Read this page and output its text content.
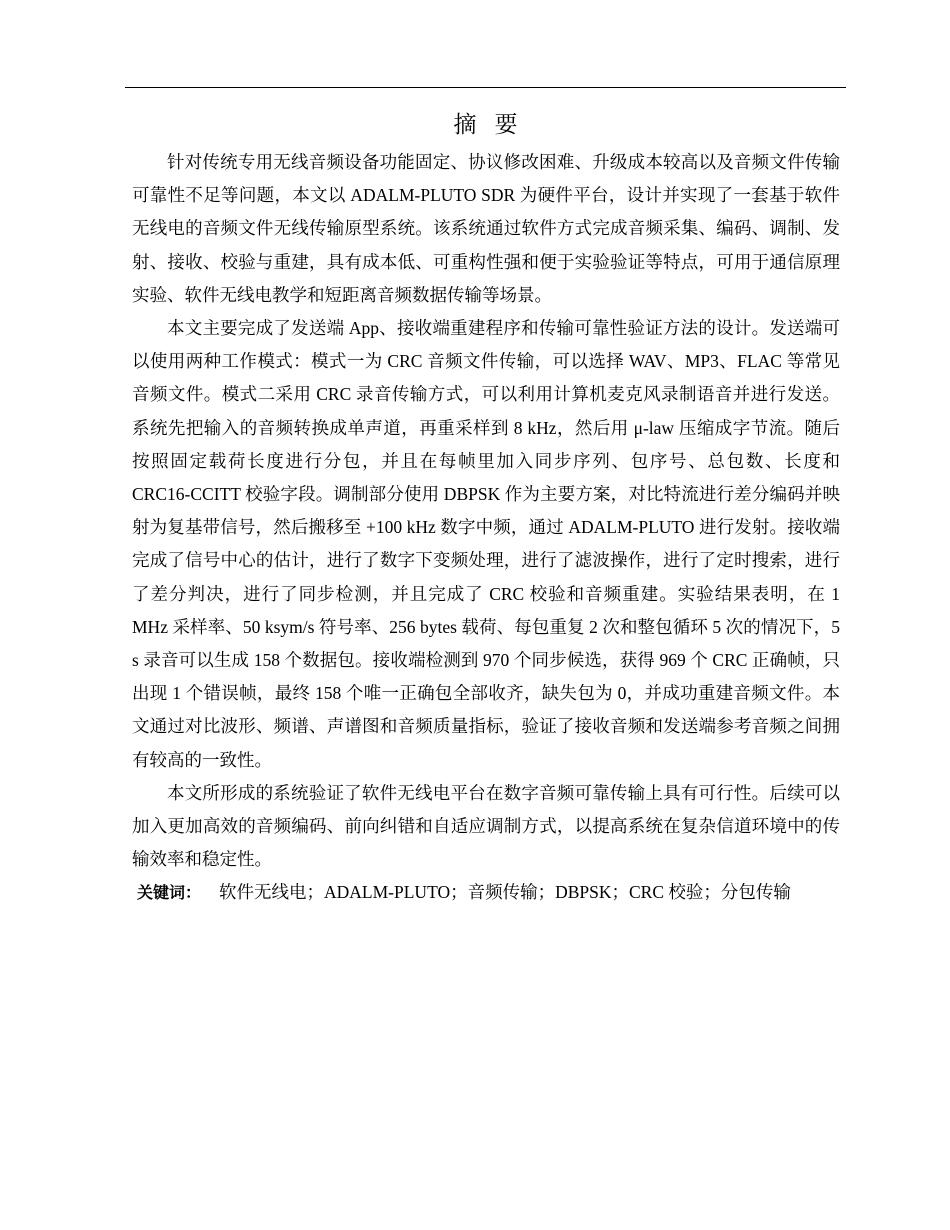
摘要

针对传统专用无线音频设备功能固定、协议修改困难、升级成本较高以及音频文件传输可靠性不足等问题，本文以 ADALM-PLUTO SDR 为硬件平台，设计并实现了一套基于软件无线电的音频文件无线传输原型系统。该系统通过软件方式完成音频采集、编码、调制、发射、接收、校验与重建，具有成本低、可重构性强和便于实验验证等特点，可用于通信原理实验、软件无线电教学和短距离音频数据传输等场景。

本文主要完成了发送端 App、接收端重建程序和传输可靠性验证方法的设计。发送端可以使用两种工作模式：模式一为 CRC 音频文件传输，可以选择 WAV、MP3、FLAC 等常见音频文件。模式二采用 CRC 录音传输方式，可以利用计算机麦克风录制语音并进行发送。系统先把输入的音频转换成单声道，再重采样到 8 kHz，然后用 μ-law 压缩成字节流。随后按照固定载荷长度进行分包，并且在每帧里加入同步序列、包序号、总包数、长度和 CRC16-CCITT 校验字段。调制部分使用 DBPSK 作为主要方案，对比特流进行差分编码并映射为复基带信号，然后搬移至 +100 kHz 数字中频，通过 ADALM-PLUTO 进行发射。接收端完成了信号中心的估计，进行了数字下变频处理，进行了滤波操作，进行了定时搜索，进行了差分判决，进行了同步检测，并且完成了 CRC 校验和音频重建。实验结果表明，在 1 MHz 采样率、50 ksym/s 符号率、256 bytes 载荷、每包重复 2 次和整包循环 5 次的情况下，5 s 录音可以生成 158 个数据包。接收端检测到 970 个同步候选，获得 969 个 CRC 正确帧，只出现 1 个错误帧，最终 158 个唯一正确包全部收齐，缺失包为 0，并成功重建音频文件。本文通过对比波形、频谱、声谱图和音频质量指标，验证了接收音频和发送端参考音频之间拥有较高的一致性。

本文所形成的系统验证了软件无线电平台在数字音频可靠传输上具有可行性。后续可以加入更加高效的音频编码、前向纠错和自适应调制方式，以提高系统在复杂信道环境中的传输效率和稳定性。

关键词： 软件无线电；ADALM-PLUTO；音频传输；DBPSK；CRC 校验；分包传输
